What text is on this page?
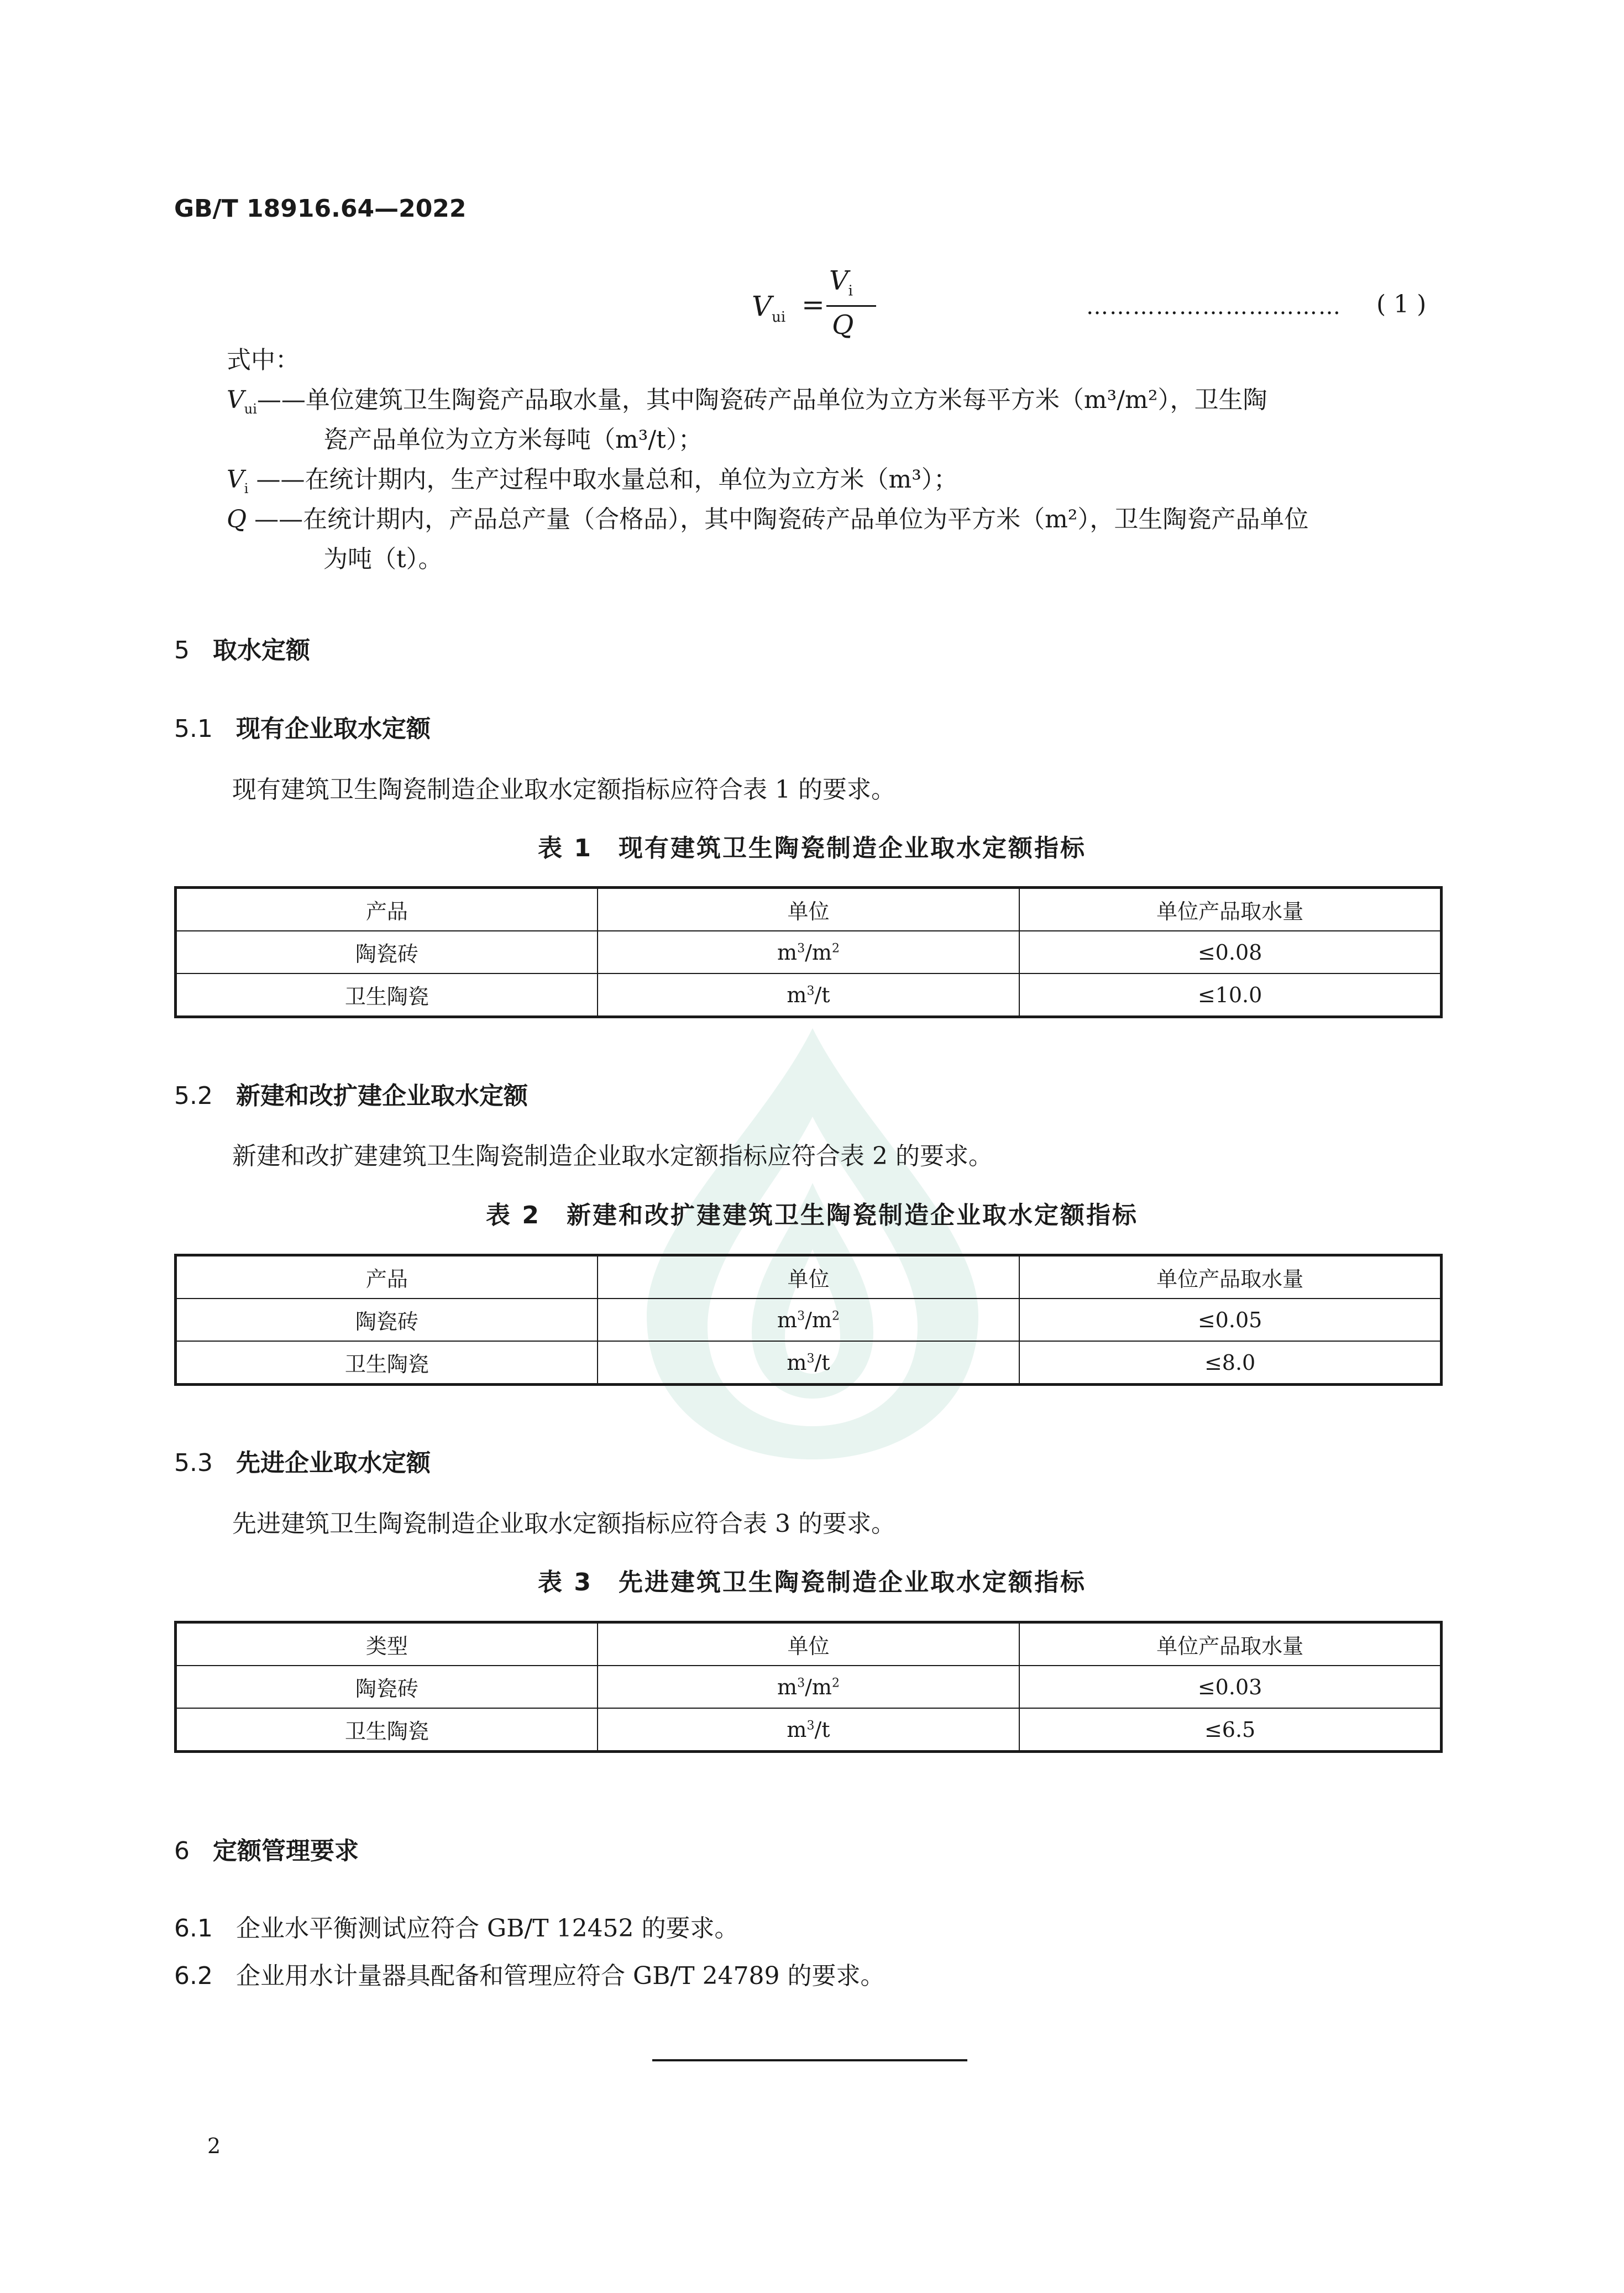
GB/T 18916.64—2022
$V_{ui}$ =
$V_i$
Q
…………………………… ( 1 )
式中：
$V_{ui}——$单位建筑卫生陶瓷产品取水量，其中陶瓷砖产品单位为立方米每平方米（m³/m²），卫生陶
瓷产品单位为立方米每吨（m³/t）；
$V_i$ ——在统计期内，生产过程中取水量总和，单位为立方米（m³）；
Q ——在统计期内，产品总产量（合格品），其中陶瓷砖产品单位为平方米（m²），卫生陶瓷产品单位
为吨（t）。
5 取水定额
5.1 现有企业取水定额
现有建筑卫生陶瓷制造企业取水定额指标应符合表 1 的要求。
表 1　现有建筑卫生陶瓷制造企业取水定额指标
产品	单位	单位产品取水量
陶瓷砖	$m^3/m^2$	≤0.08
卫生陶瓷	$m^3/t$	≤10.0
5.2 新建和改扩建企业取水定额
新建和改扩建建筑卫生陶瓷制造企业取水定额指标应符合表 2 的要求。
表 2　新建和改扩建建筑卫生陶瓷制造企业取水定额指标
产品	单位	单位产品取水量
陶瓷砖	$m^3/m^2$	≤0.05
卫生陶瓷	$m^3/t$	≤8.0
5.3 先进企业取水定额
先进建筑卫生陶瓷制造企业取水定额指标应符合表 3 的要求。
表 3　先进建筑卫生陶瓷制造企业取水定额指标
类型	单位	单位产品取水量
陶瓷砖	$m^3/m^2$	≤0.03
卫生陶瓷	$m^3/t$	≤6.5
6 定额管理要求
6.1 企业水平衡测试应符合 GB/T 12452 的要求。
6.2 企业用水计量器具配备和管理应符合 GB/T 24789 的要求。
2
